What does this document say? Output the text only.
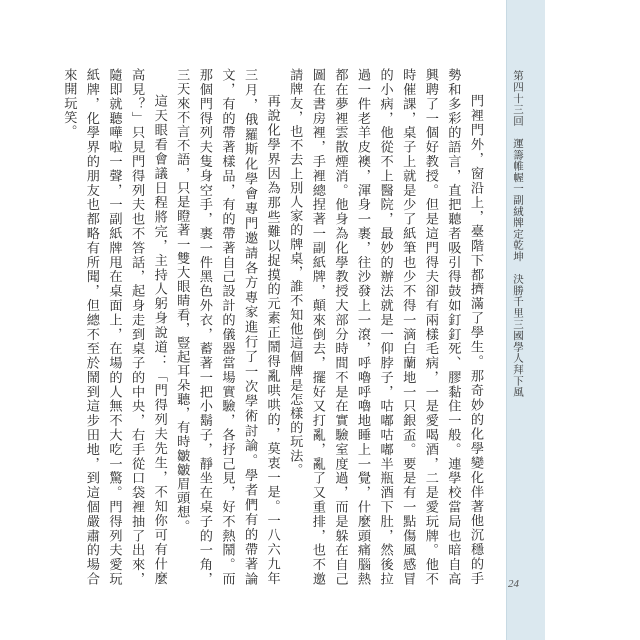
第四十三回　運籌帷幄一副絨牌定乾坤　決勝千里三國學人拜下風
24

門裡門外，窗沿上，臺階下都擠滿了學生。那奇妙的化學變化伴著他沉穩的手勢和多彩的語言，直把聽者吸引得鼓如釘釘死、膠黏住一般。連學校當局也暗自高興聘了一個好教授。但是這門得夫卻有兩樣毛病，一是愛喝酒，二是愛玩牌。他不時催課，桌子上就是少了紙筆也少不得一滴白蘭地一只銀盃。要是有一點傷風感冒的小病，他從不上醫院，最妙的辦法就是一仰脖子，咕嘟咕嘟半瓶酒下肚，然後拉過一件老羊皮襖，渾身一裹，往沙發上一滾，呼嚕呼嚕地睡上一覺，什麼頭痛腦熱都在夢裡雲散煙消。他身為化學教授大部分時間不是在實驗室度過，而是躲在自己圖在書房裡，手裡總捏著一副紙牌，顛來倒去，擺好又打亂，亂了又重排，也不邀請牌友，也不去上別人家的牌桌，誰不知他這個牌是怎樣的玩法。

再說化學界因為那些難以捉摸的元素正鬧得亂哄哄的，莫衷一是。一八六九年三月，俄羅斯化學會專門邀請各方專家進行了一次學術討論。學者們有的帶著論文，有的帶著樣品，有的帶著自己設計的儀器當場實驗，各抒己見，好不熱鬧。而那個門得列夫隻身空手，裹一件黑色外衣，蓄著一把小鬍子，靜坐在桌子的一角，三天來不言不語，只是瞪著一雙大眼睛看，豎起耳朵聽，有時皺皺眉頭想。

這天眼看會議日程將完，主持人躬身說道：「門得列夫先生，不知你可有什麼高見？」只見門得列夫也不答話，起身走到桌子的中央，右手從口袋裡抽了出來，隨即就聽嘩啦一聲，一副紙牌甩在桌面上，在場的人無不大吃一驚。門得列夫愛玩紙牌，化學界的朋友也都略有所聞，但總不至於鬧到這步田地，到這個嚴肅的場合來開玩笑。
